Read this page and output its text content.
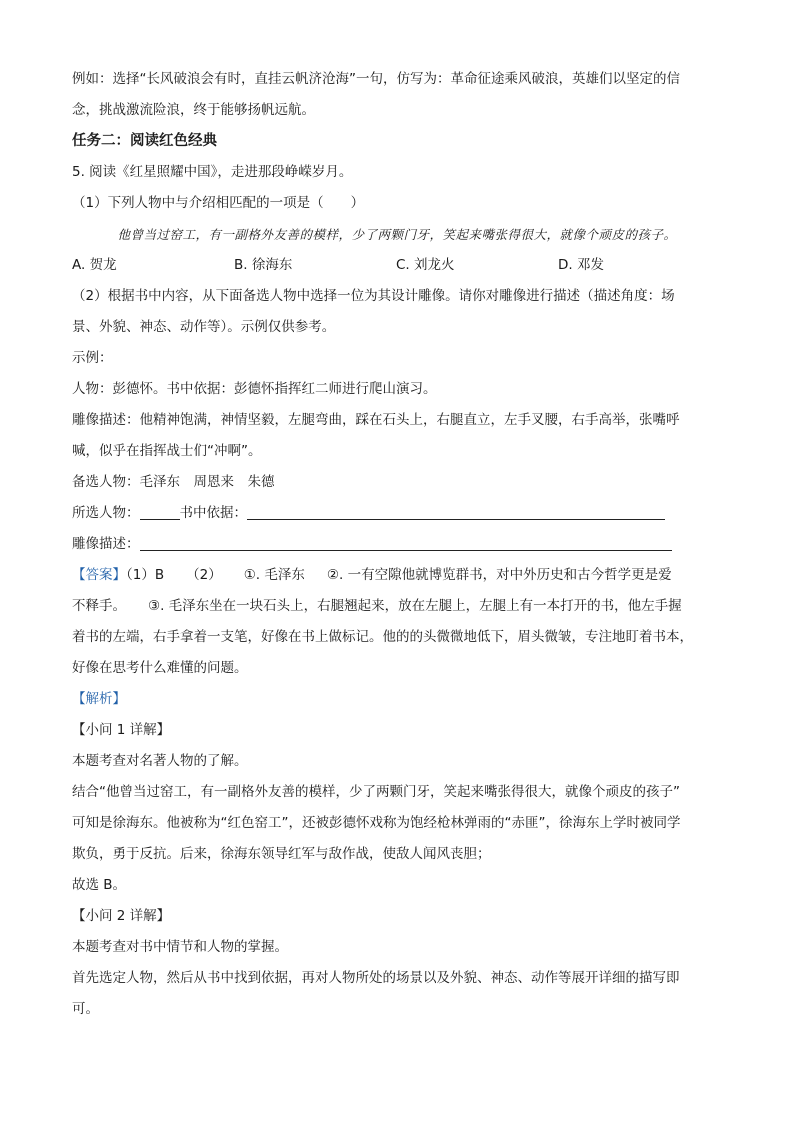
例如：选择“长风破浪会有时，直挂云帆济沧海”一句，仿写为：革命征途乘风破浪，英雄们以坚定的信

念，挑战激流险浪，终于能够扬帆远航。

任务二：阅读红色经典

5. 阅读《红星照耀中国》，走进那段峥嵘岁月。

（1）下列人物中与介绍相匹配的一项是（　　）

他曾当过窑工，有一副格外友善的模样，少了两颗门牙，笑起来嘴张得很大，就像个顽皮的孩子。

A. 贺龙	B. 徐海东	C. 刘龙火	D. 邓发

（2）根据书中内容，从下面备选人物中选择一位为其设计雕像。请你对雕像进行描述（描述角度：场

景、外貌、神态、动作等）。示例仅供参考。

示例：

人物：彭德怀。书中依据：彭德怀指挥红二师进行爬山演习。

雕像描述：他精神饱满，神情坚毅，左腿弯曲，踩在石头上，右腿直立，左手叉腰，右手高举，张嘴呼

喊，似乎在指挥战士们“冲啊”。

备选人物：毛泽东　周恩来　朱德

所选人物：	书中依据：
雕像描述：
【答案】（1）B （2） ①. 毛泽东 ②. 一有空隙他就博览群书，对中外历史和古今哲学更是爱
不释手。 ③. 毛泽东坐在一块石头上，右腿翘起来，放在左腿上，左腿上有一本打开的书，他左手握

着书的左端，右手拿着一支笔，好像在书上做标记。他的的头微微地低下，眉头微皱，专注地盯着书本，

好像在思考什么难懂的问题。

【解析】

【小问 1 详解】

本题考查对名著人物的了解。

结合“他曾当过窑工，有一副格外友善的模样，少了两颗门牙，笑起来嘴张得很大，就像个顽皮的孩子”

可知是徐海东。他被称为“红色窑工”，还被彭德怀戏称为饱经枪林弹雨的“赤匪”，徐海东上学时被同学

欺负，勇于反抗。后来，徐海东领导红军与敌作战，使敌人闻风丧胆；

故选 B。

【小问 2 详解】

本题考查对书中情节和人物的掌握。

首先选定人物，然后从书中找到依据，再对人物所处的场景以及外貌、神态、动作等展开详细的描写即

可。
